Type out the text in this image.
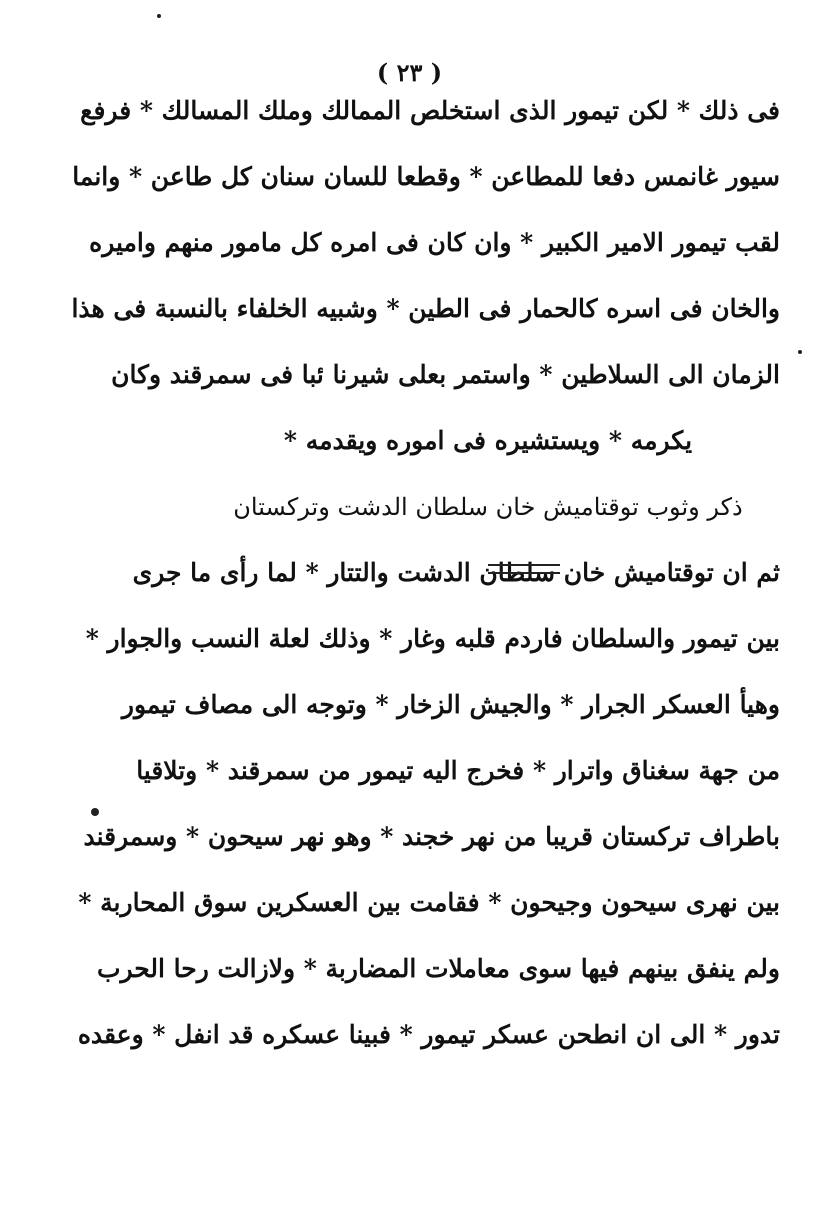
( ٢٣ )
فى ذلك * لكن تيمور الذى استخلص الممالك وملك المسالك * فرفع
سيور غانمس دفعا للمطاعن * وقطعا للسان سنان كل طاعن * وانما
لقب تيمور الامير الكبير * وان كان فى امره كل مامور منهم واميره
والخان فى اسره كالحمار فى الطين * وشبيه الخلفاء بالنسبة فى هذا
الزمان الى السلاطين * واستمر بعلى شيرنا ئبا فى سمرقند وكان
يكرمه * ويستشيره فى اموره ويقدمه *
ذكر وثوب توقتاميش خان سلطان الدشت وتركستان
ثم ان توقتاميش خان سلطان الدشت والتتار * لما رأى ما جرى
بين تيمور والسلطان فاردم قلبه وغار * وذلك لعلة النسب والجوار *
وهيأ العسكر الجرار * والجيش الزخار * وتوجه الى مصاف تيمور
من جهة سغناق واترار * فخرج اليه تيمور من سمرقند * وتلاقيا
باطراف تركستان قريبا من نهر خجند * وهو نهر سيحون * وسمرقند
بين نهرى سيحون وجيحون * فقامت بين العسكرين سوق المحاربة *
ولم ينفق بينهم فيها سوى معاملات المضاربة * ولازالت رحا الحرب
تدور * الى ان انطحن عسكر تيمور * فبينا عسكره قد انفل * وعقده
